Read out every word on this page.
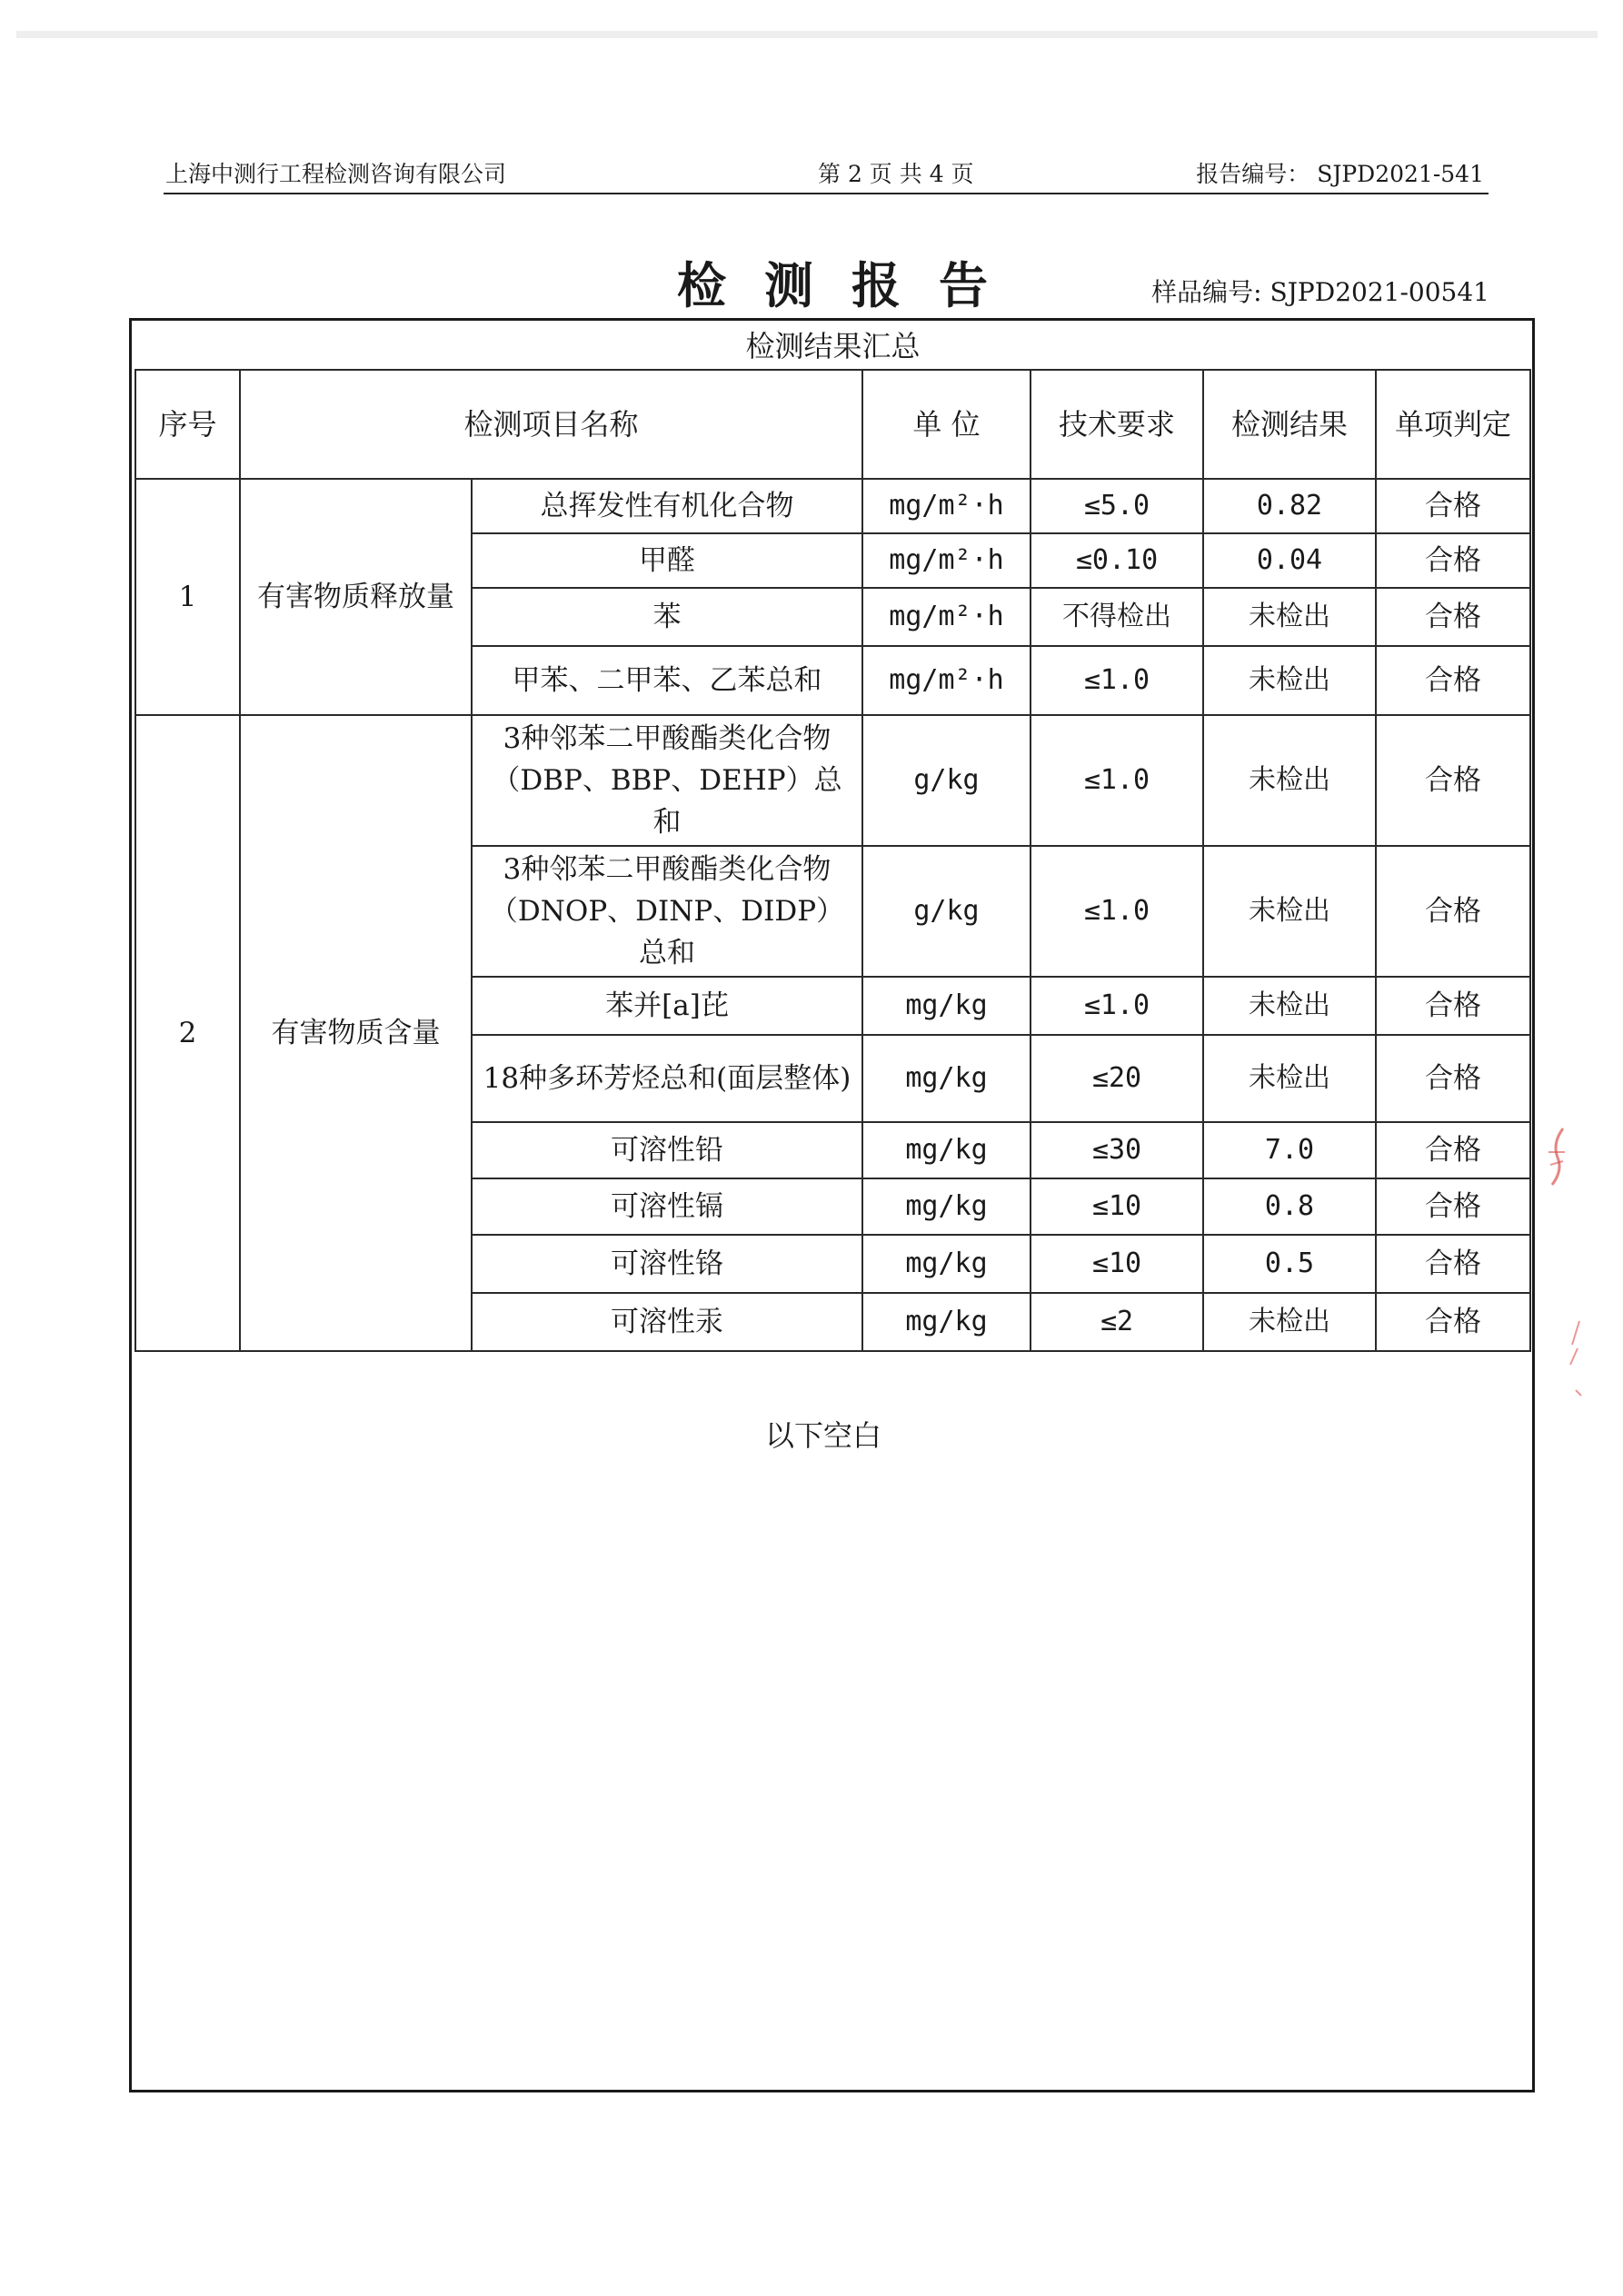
上海中测行工程检测咨询有限公司	第 2 页 共 4 页	报告编号： SJPD2021-541
检测报告	样品编号: SJPD2021-00541
检测结果汇总						
序号	检测项目名称		单 位	技术要求	检测结果	单项判定
1	有害物质释放量	总挥发性有机化合物	mg/m²·h	≤5.0	0.82	合格
		甲醛	mg/m²·h	≤0.10	0.04	合格
		苯	mg/m²·h	不得检出	未检出	合格
		甲苯、二甲苯、乙苯总和	mg/m²·h	≤1.0	未检出	合格
2	有害物质含量	3种邻苯二甲酸酯类化合物（DBP、BBP、DEHP）总和	g/kg	≤1.0	未检出	合格
		3种邻苯二甲酸酯类化合物（DNOP、DINP、DIDP）总和	g/kg	≤1.0	未检出	合格
		苯并[a]芘	mg/kg	≤1.0	未检出	合格
		18种多环芳烃总和(面层整体)	mg/kg	≤20	未检出	合格
		可溶性铅	mg/kg	≤30	7.0	合格
		可溶性镉	mg/kg	≤10	0.8	合格
		可溶性铬	mg/kg	≤10	0.5	合格
		可溶性汞	mg/kg	≤2	未检出	合格
以下空白
